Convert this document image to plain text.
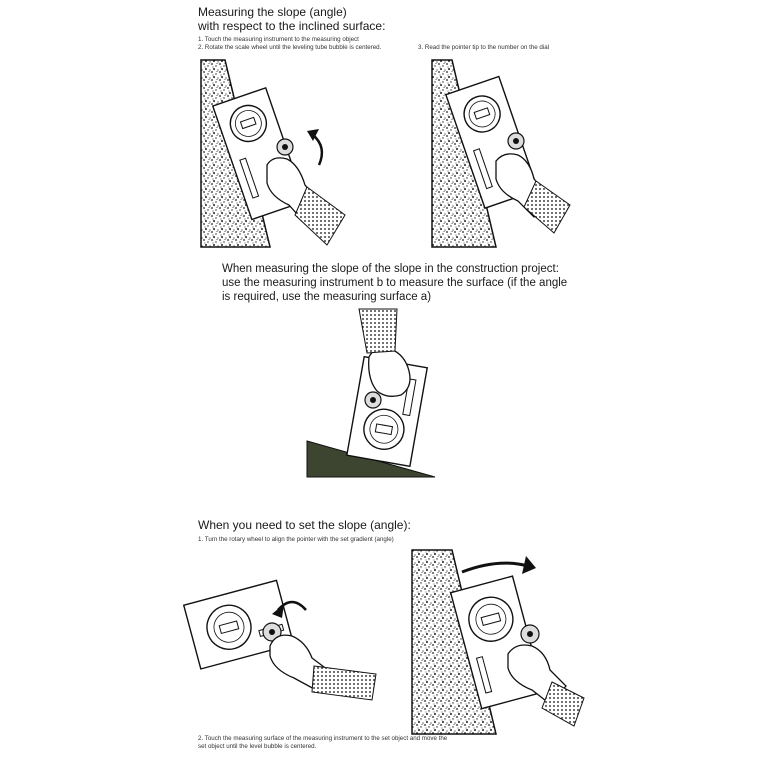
Measuring the slope (angle)

with respect to the inclined surface:

1. Touch the measuring instrument to the measuring object

2. Rotate the scale wheel until the leveling tube bubble is centered.	3. Read the pointer tip to the number on the dial

When measuring the slope of the slope in the construction project:

use the measuring instrument b to measure the surface (if the angle

is required, use the measuring surface a)

When you need to set the slope (angle):

1. Turn the rotary wheel to align the pointer with the set gradient (angle)

2. Touch the measuring surface of the measuring instrument to the set object and move the

set object until the level bubble is centered.
